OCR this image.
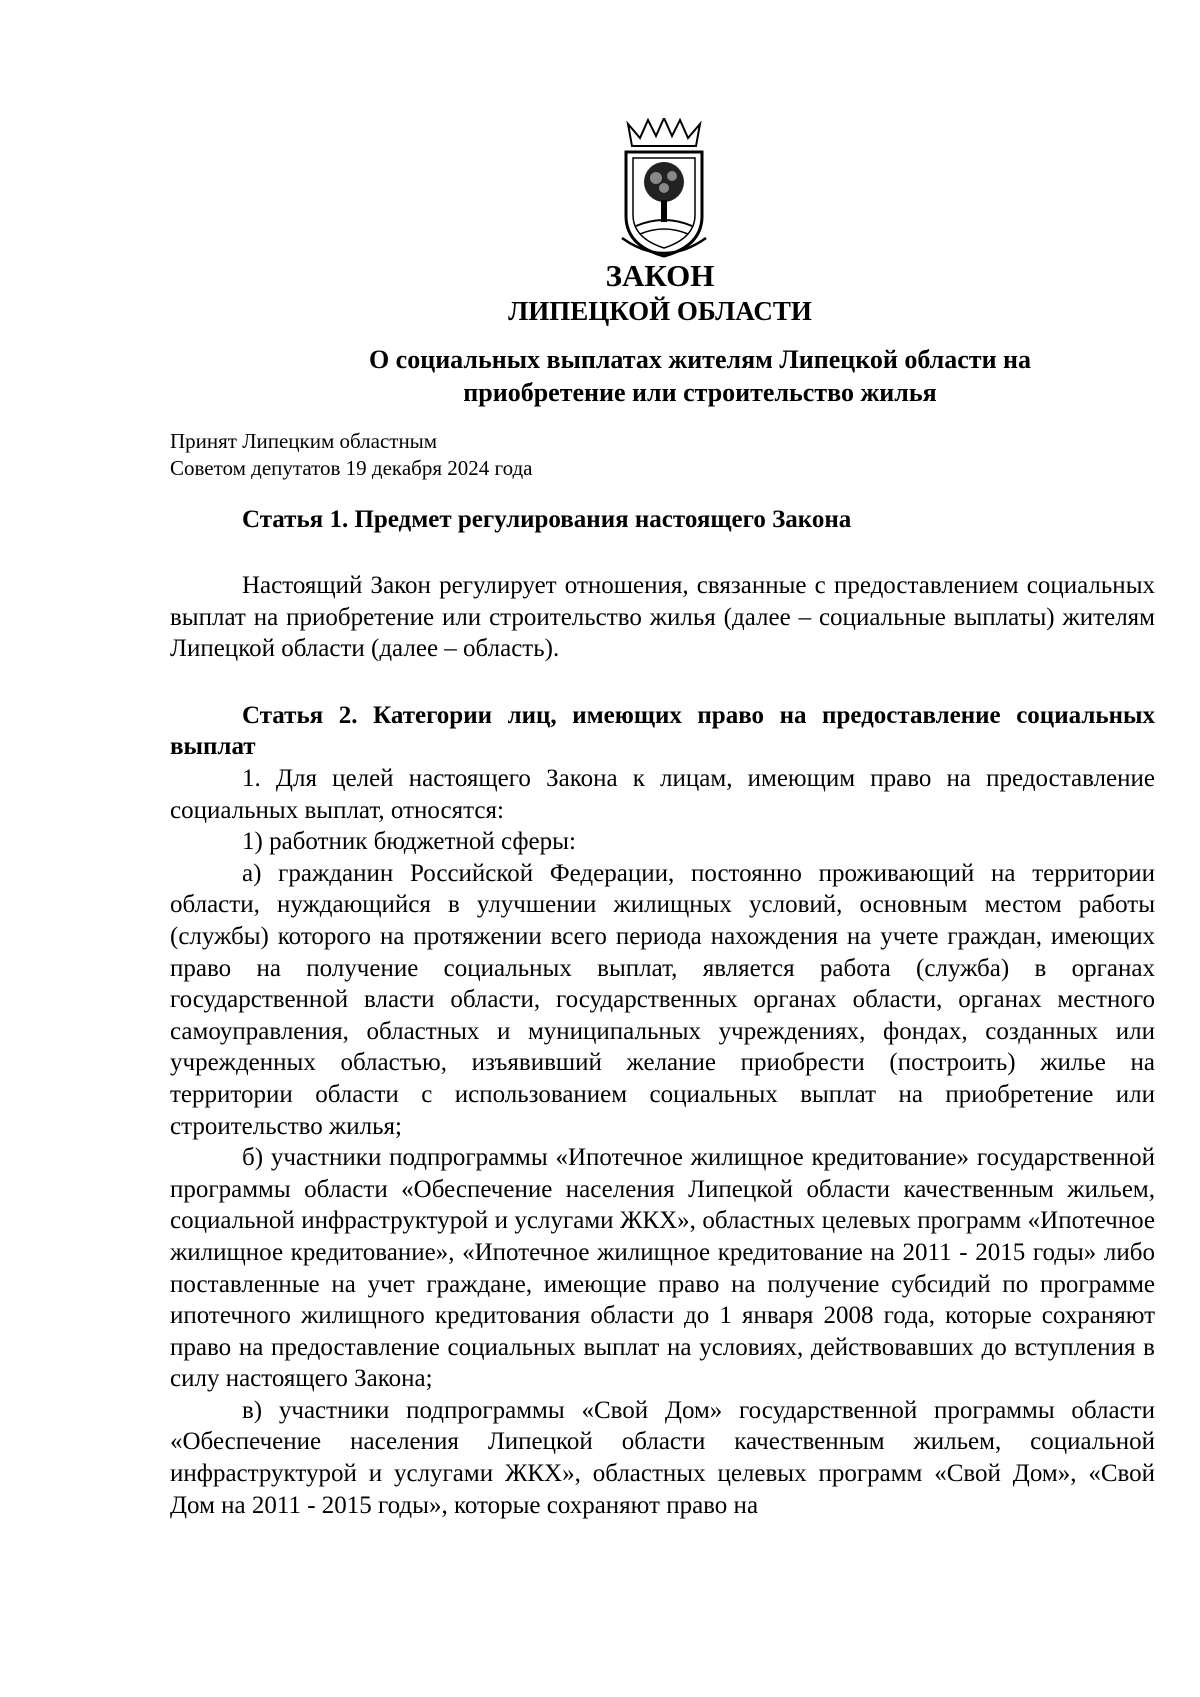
ЗАКОН
ЛИПЕЦКОЙ ОБЛАСТИ
О социальных выплатах жителям Липецкой области на
приобретение или строительство жилья
Принят Липецким областным
Советом депутатов 19 декабря 2024 года
Статья 1. Предмет регулирования настоящего Закона

Настоящий Закон регулирует отношения, связанные с предоставлением социальных выплат на приобретение или строительство жилья (далее – социальные выплаты) жителям Липецкой области (далее – область).

Статья 2. Категории лиц, имеющих право на предоставление социальных выплат

1. Для целей настоящего Закона к лицам, имеющим право на предоставление социальных выплат, относятся:

1) работник бюджетной сферы:

а) гражданин Российской Федерации, постоянно проживающий на территории области, нуждающийся в улучшении жилищных условий, основным местом работы (службы) которого на протяжении всего периода нахождения на учете граждан, имеющих право на получение социальных выплат, является работа (служба) в органах государственной власти области, государственных органах области, органах местного самоуправления, областных и муниципальных учреждениях, фондах, созданных или учрежденных областью, изъявивший желание приобрести (построить) жилье на территории области с использованием социальных выплат на приобретение или строительство жилья;

б) участники подпрограммы «Ипотечное жилищное кредитование» государственной программы области «Обеспечение населения Липецкой области качественным жильем, социальной инфраструктурой и услугами ЖКХ», областных целевых программ «Ипотечное жилищное кредитование», «Ипотечное жилищное кредитование на 2011 - 2015 годы» либо поставленные на учет граждане, имеющие право на получение субсидий по программе ипотечного жилищного кредитования области до 1 января 2008 года, которые сохраняют право на предоставление социальных выплат на условиях, действовавших до вступления в силу настоящего Закона;

в) участники подпрограммы «Свой Дом» государственной программы области «Обеспечение населения Липецкой области качественным жильем, социальной инфраструктурой и услугами ЖКХ», областных целевых программ «Свой Дом», «Свой Дом на 2011 - 2015 годы», которые сохраняют право на
